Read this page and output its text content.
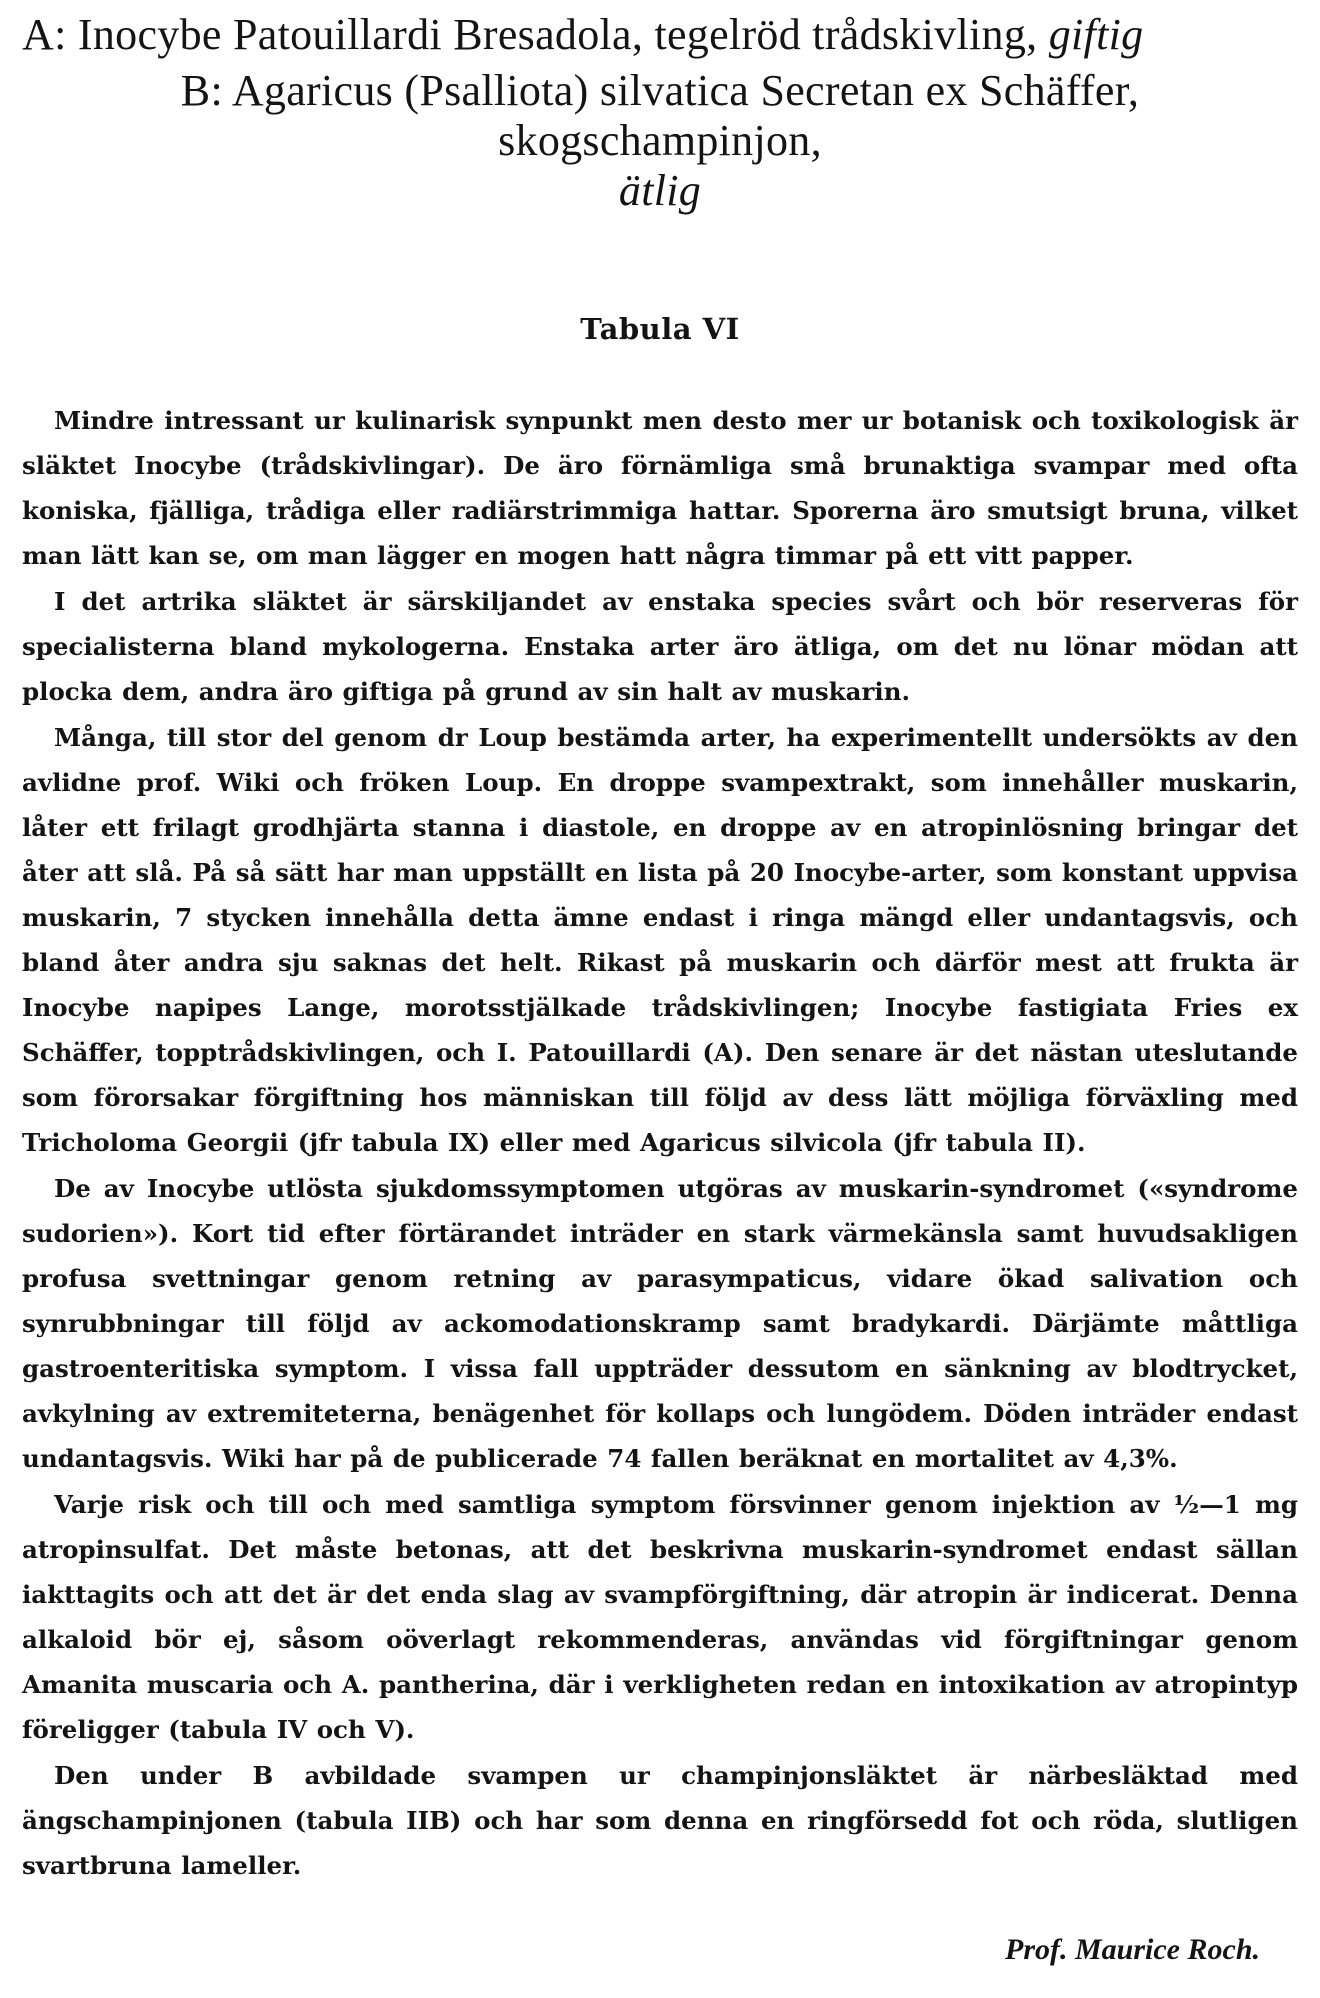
A: Inocybe Patouillardi Bresadola, tegelröd trådskivling, giftig
B: Agaricus (Psalliota) silvatica Secretan ex Schäffer,
skogschampinjon,
ätlig
Tabula VI

Mindre intressant ur kulinarisk synpunkt men desto mer ur botanisk och toxikologisk är släktet Inocybe (trådskivlingar). De äro förnämliga små brunaktiga svampar med ofta koniska, fjälliga, trådiga eller radiärstrimmiga hattar. Sporerna äro smutsigt bruna, vilket man lätt kan se, om man lägger en mogen hatt några timmar på ett vitt papper.

I det artrika släktet är särskiljandet av enstaka species svårt och bör reserveras för specialisterna bland mykologerna. Enstaka arter äro ätliga, om det nu lönar mödan att plocka dem, andra äro giftiga på grund av sin halt av muskarin.

Många, till stor del genom dr Loup bestämda arter, ha experimentellt undersökts av den avlidne prof. Wiki och fröken Loup. En droppe svampextrakt, som innehåller muskarin, låter ett frilagt grodhjärta stanna i diastole, en droppe av en atropinlösning bringar det åter att slå. På så sätt har man uppställt en lista på 20 Inocybe-arter, som konstant uppvisa muskarin, 7 stycken innehålla detta ämne endast i ringa mängd eller undantagsvis, och bland åter andra sju saknas det helt. Rikast på muskarin och därför mest att frukta är Inocybe napipes Lange, morotsstjälkade trådskivlingen; Inocybe fastigiata Fries ex Schäffer, topptrådskivlingen, och I. Patouillardi (A). Den senare är det nästan uteslutande som förorsakar förgiftning hos människan till följd av dess lätt möjliga förväxling med Tricholoma Georgii (jfr tabula IX) eller med Agaricus silvicola (jfr tabula II).

De av Inocybe utlösta sjukdomssymptomen utgöras av muskarin-syndromet («syndrome sudorien»). Kort tid efter förtärandet inträder en stark värmekänsla samt huvudsakligen profusa svettningar genom retning av parasympaticus, vidare ökad salivation och synrubbningar till följd av ackomodationskramp samt bradykardi. Därjämte måttliga gastroenteritiska symptom. I vissa fall uppträder dessutom en sänkning av blodtrycket, avkylning av extremiteterna, benägenhet för kollaps och lungödem. Döden inträder endast undantagsvis. Wiki har på de publicerade 74 fallen beräknat en mortalitet av 4,3%.

Varje risk och till och med samtliga symptom försvinner genom injektion av ½—1 mg atropinsulfat. Det måste betonas, att det beskrivna muskarin-syndromet endast sällan iakttagits och att det är det enda slag av svampförgiftning, där atropin är indicerat. Denna alkaloid bör ej, såsom oöverlagt rekommenderas, användas vid förgiftningar genom Amanita muscaria och A. pantherina, där i verkligheten redan en intoxikation av atropintyp föreligger (tabula IV och V).

Den under B avbildade svampen ur champinjonsläktet är närbesläktad med ängschampinjonen (tabula IIB) och har som denna en ringförsedd fot och röda, slutligen svartbruna lameller.

Prof. Maurice Roch.
